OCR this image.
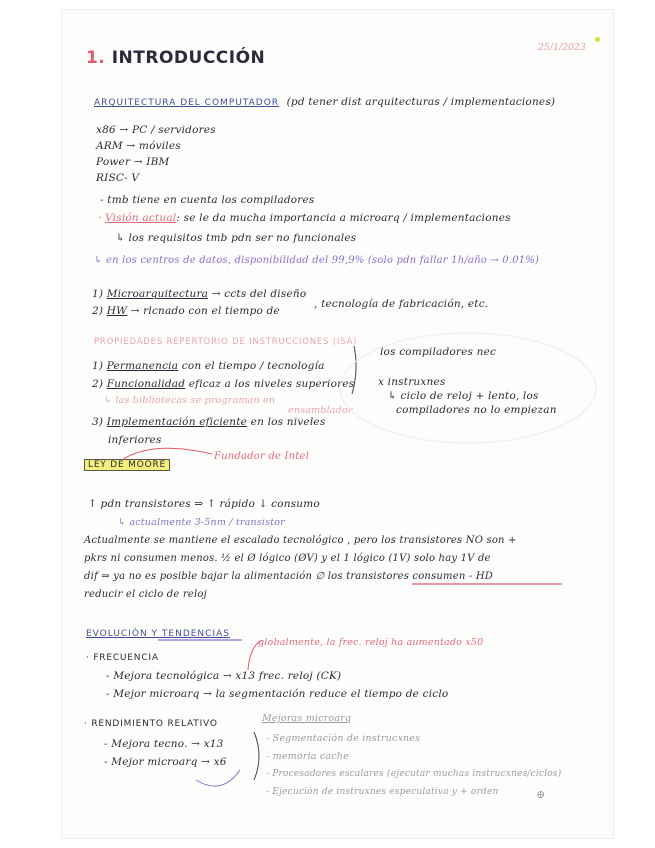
25/1/2023
1. INTRODUCCIÓN
ARQUITECTURA DEL COMPUTADOR (pd tener dist arquitecturas / implementaciones)
x86 → PC / servidores
ARM → móviles
Power → IBM
RISC- V
- tmb tiene en cuenta los compiladores
· Visión actual: se le da mucha importancia a microarq / implementaciones
↳ los requisitos tmb pdn ser no funcionales
↳ en los centros de datos, disponibilidad del 99,9% (solo pdn fallar 1h/año → 0.01%)
1) Microarquitectura → ccts del diseño
2) HW → rlcnado con el tiempo de
, tecnología de fabricación, etc.
PROPIEDADES REPERTORIO DE INSTRUCCIONES (ISA)
1) Permanencia con el tiempo / tecnología
2) Funcionalidad eficaz a los niveles superiores
↳ las bibliotecas se programan en
ensamblador
3) Implementación eficiente en los niveles
inferiores
los compiladores nec
x instruxnes
↳ ciclo de reloj + lento, los
compiladores no lo empiezan
LEY DE MOORE
Fundador de Intel
↑ pdn transistores ⇒ ↑ rápido ↓ consumo
↳ actualmente 3-5nm / transistor
Actualmente se mantiene el escalado tecnológico , pero los transistores NO son +
pkrs ni consumen menos. ½ el Ø lógico (ØV) y el 1 lógico (1V) solo hay 1V de
dif ⇒ ya no es posible bajar la alimentación ∅ los transistores consumen - HD
reducir el ciclo de reloj
EVOLUCIÓN Y TENDENCIAS
globalmente, la frec. reloj ha aumentado x50
· FRECUENCIA
- Mejora tecnológica → x13 frec. reloj (CK)
- Mejor microarq → la segmentación reduce el tiempo de ciclo
· RENDIMIENTO RELATIVO
- Mejora tecno. → x13
- Mejor microarq → x6
Mejoras microarq
- Segmentación de instrucxnes
- memoria cache
- Procesadores escalares (ejecutar muchas instrucxnes/ciclos)
- Ejecución de instruxnes especulativa y + orden	⊕
